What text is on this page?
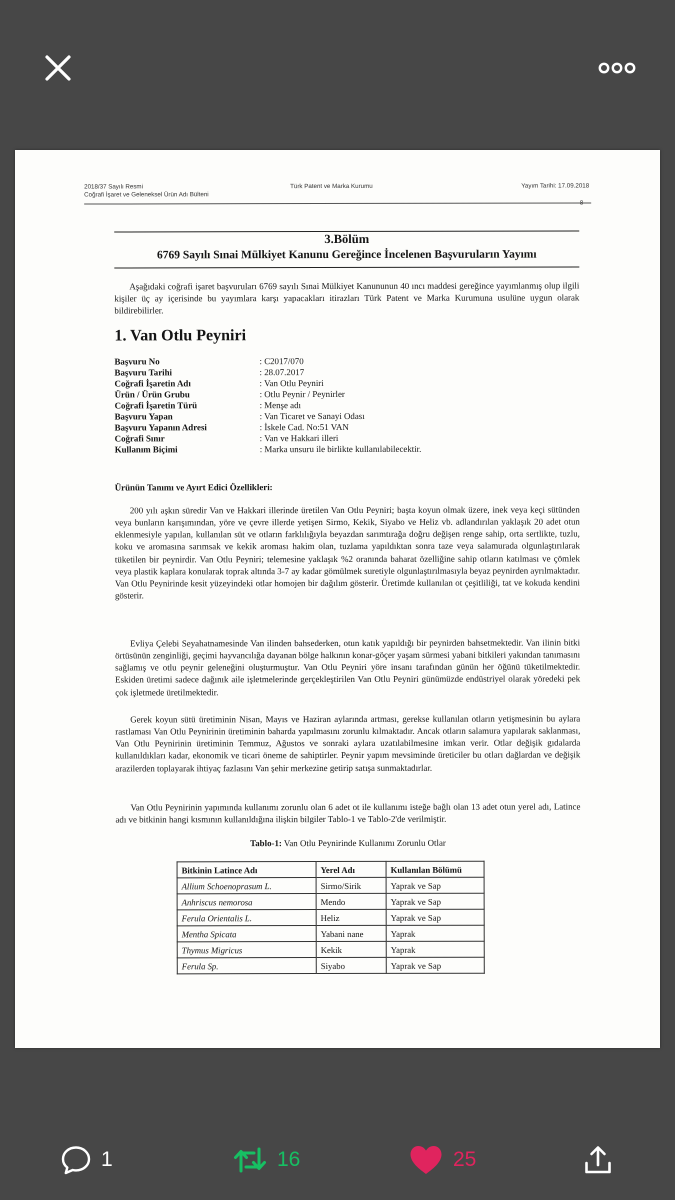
2018/37 Sayılı Resmi
Coğrafi İşaret ve Geleneksel Ürün Adı Bülteni
Türk Patent ve Marka Kurumu	Yayım Tarihi: 17.09.2018
8
3.Bölüm
6769 Sayılı Sınai Mülkiyet Kanunu Gereğince İncelenen Başvuruların Yayımı

Aşağıdaki coğrafi işaret başvuruları 6769 sayılı Sınai Mülkiyet Kanununun 40 ıncı maddesi gereğince yayımlanmış olup ilgili kişiler üç ay içerisinde bu yayımlara karşı yapacakları itirazları Türk Patent ve Marka Kurumuna usulüne uygun olarak bildirebilirler.

1. Van Otlu Peyniri
Başvuru No	: C2017/070
Başvuru Tarihi	: 28.07.2017
Coğrafi İşaretin Adı	: Van Otlu Peyniri
Ürün / Ürün Grubu	: Otlu Peynir / Peynirler
Coğrafi İşaretin Türü	: Menşe adı
Başvuru Yapan	: Van Ticaret ve Sanayi Odası
Başvuru Yapanın Adresi	: İskele Cad. No:51 VAN
Coğrafi Sınır	: Van ve Hakkari illeri
Kullanım Biçimi	: Marka unsuru ile birlikte kullanılabilecektir.
Ürünün Tanımı ve Ayırt Edici Özellikleri:

200 yılı aşkın süredir Van ve Hakkari illerinde üretilen Van Otlu Peyniri; başta koyun olmak üzere, inek veya keçi sütünden veya bunların karışımından, yöre ve çevre illerde yetişen Sirmo, Kekik, Siyabo ve Heliz vb. adlandırılan yaklaşık 20 adet otun eklenmesiyle yapılan, kullanılan süt ve otların farklılığıyla beyazdan sarımtırağa doğru değişen renge sahip, orta sertlikte, tuzlu, koku ve aromasına sarımsak ve kekik aroması hakim olan, tuzlama yapıldıktan sonra taze veya salamurada olgunlaştırılarak tüketilen bir peynirdir. Van Otlu Peyniri; telemesine yaklaşık %2 oranında baharat özelliğine sahip otların katılması ve çömlek veya plastik kaplara konularak toprak altında 3-7 ay kadar gömülmek suretiyle olgunlaştırılmasıyla beyaz peynirden ayrılmaktadır. Van Otlu Peynirinde kesit yüzeyindeki otlar homojen bir dağılım gösterir. Üretimde kullanılan ot çeşitliliği, tat ve kokuda kendini gösterir.

Evliya Çelebi Seyahatnamesinde Van ilinden bahsederken, otun katık yapıldığı bir peynirden bahsetmektedir. Van ilinin bitki örtüsünün zenginliği, geçimi hayvancılığa dayanan bölge halkının konar-göçer yaşam sürmesi yabani bitkileri yakından tanımasını sağlamış ve otlu peynir geleneğini oluşturmuştur. Van Otlu Peyniri yöre insanı tarafından günün her öğünü tüketilmektedir. Eskiden üretimi sadece dağınık aile işletmelerinde gerçekleştirilen Van Otlu Peyniri günümüzde endüstriyel olarak yöredeki pek çok işletmede üretilmektedir.

Gerek koyun sütü üretiminin Nisan, Mayıs ve Haziran aylarında artması, gerekse kullanılan otların yetişmesinin bu aylara rastlaması Van Otlu Peynirinin üretiminin baharda yapılmasını zorunlu kılmaktadır. Ancak otların salamura yapılarak saklanması, Van Otlu Peynirinin üretiminin Temmuz, Ağustos ve sonraki aylara uzatılabilmesine imkan verir. Otlar değişik gıdalarda kullanıldıkları kadar, ekonomik ve ticari öneme de sahiptirler. Peynir yapım mevsiminde üreticiler bu otları dağlardan ve değişik arazilerden toplayarak ihtiyaç fazlasını Van şehir merkezine getirip satışa sunmaktadırlar.

Van Otlu Peynirinin yapımında kullanımı zorunlu olan 6 adet ot ile kullanımı isteğe bağlı olan 13 adet otun yerel adı, Latince adı ve bitkinin hangi kısmının kullanıldığına ilişkin bilgiler Tablo-1 ve Tablo-2'de verilmiştir.

Tablo-1: Van Otlu Peynirinde Kullanımı Zorunlu Otlar
Bitkinin Latince Adı	Yerel Adı	Kullanılan Bölümü
Allium Schoenoprasum L.	Sirmo/Sirik	Yaprak ve Sap
Anhriscus nemorosa	Mendo	Yaprak ve Sap
Ferula Orientalis L.	Heliz	Yaprak ve Sap
Mentha Spicata	Yabani nane	Yaprak
Thymus Migricus	Kekik	Yaprak
Ferula Sp.	Siyabo	Yaprak ve Sap
1	16	25
